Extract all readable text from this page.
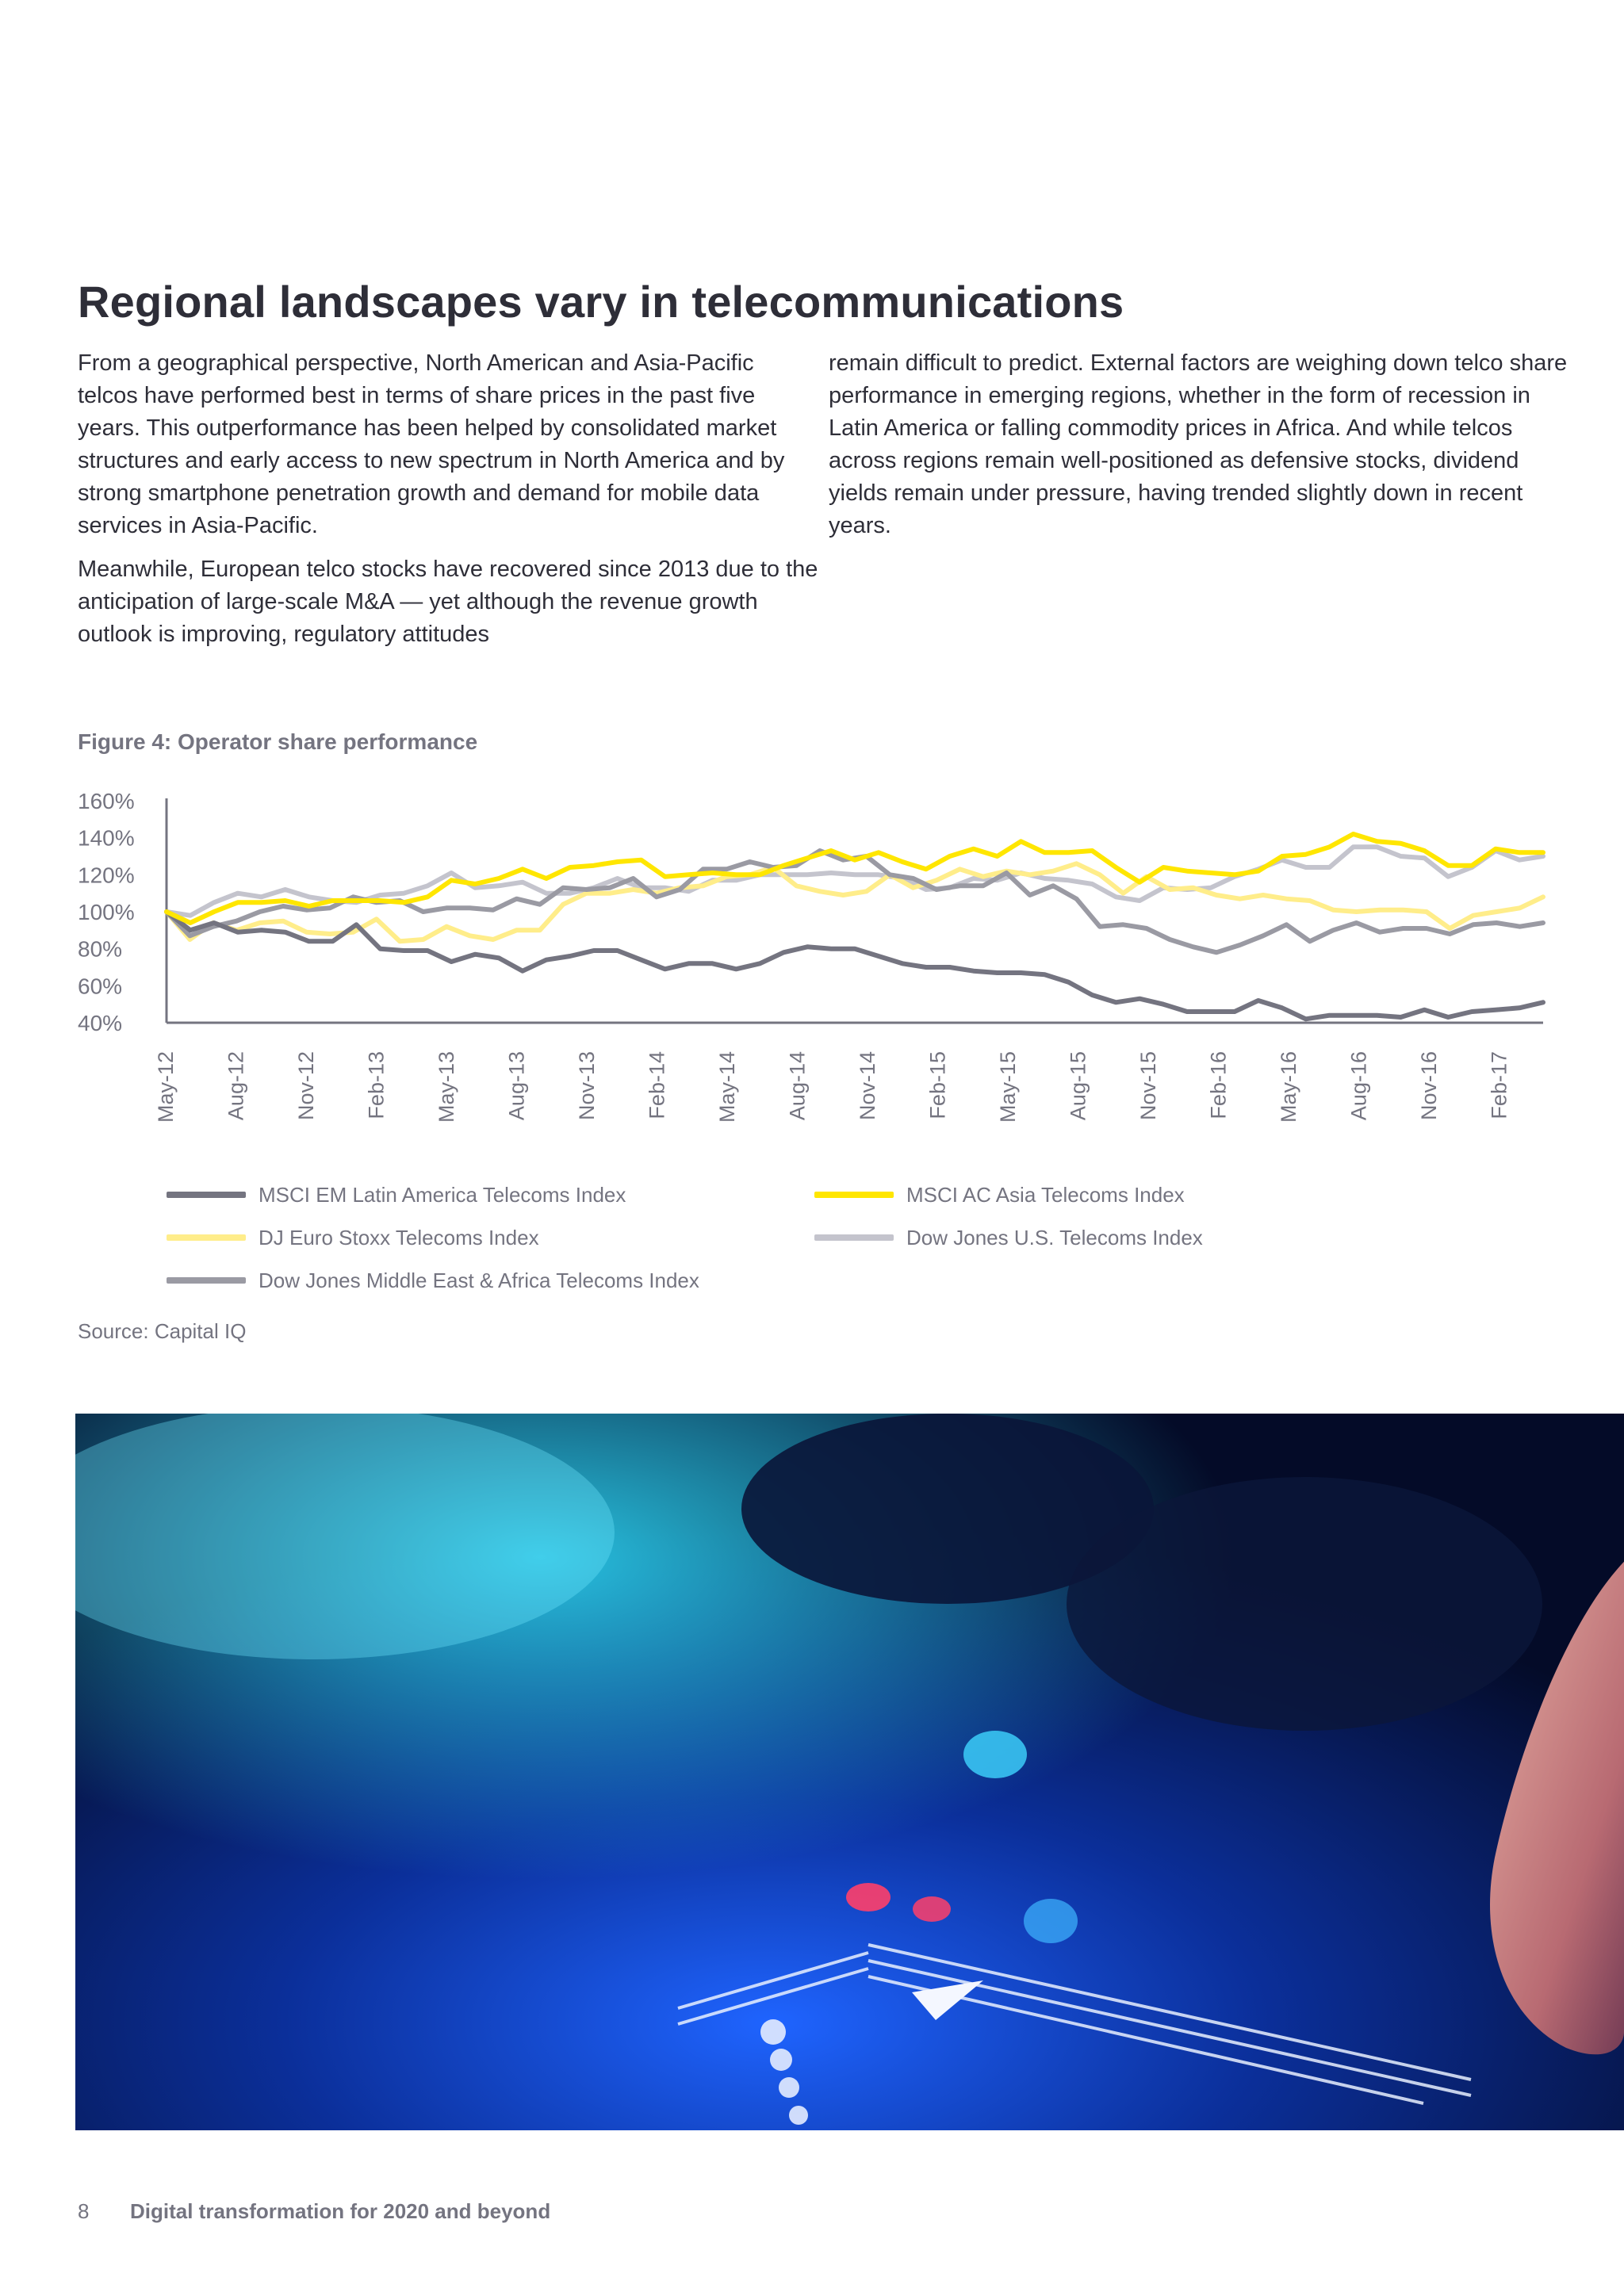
Regional landscapes vary in telecommunications

From a geographical perspective, North American and Asia-Pacific telcos have performed best in terms of share prices in the past five years. This outperformance has been helped by consolidated market structures and early access to new spectrum in North America and by strong smartphone penetration growth and demand for mobile data services in Asia-Pacific.

Meanwhile, European telco stocks have recovered since 2013 due to the anticipation of large-scale M&A — yet although the revenue growth outlook is improving, regulatory attitudes

remain difficult to predict. External factors are weighing down telco share performance in emerging regions, whether in the form of recession in Latin America or falling commodity prices in Africa. And while telcos across regions remain well-positioned as defensive stocks, dividend yields remain under pressure, having trended slightly down in recent years.

Figure 4: Operator share performance
40%
60%
80%
100%
120%
140%
160%
May-12 Aug-12 Nov-12 Feb-13 May-13 Aug-13 Nov-13 Feb-14 May-14 Aug-14 Nov-14 Feb-15 May-15 Aug-15 Nov-15 Feb-16 May-16 Aug-16 Nov-16 Feb-17
MSCI EM Latin America Telecoms Index	MSCI AC Asia Telecoms Index
DJ Euro Stoxx Telecoms Index	Dow Jones U.S. Telecoms Index
Dow Jones Middle East & Africa Telecoms Index
Source: Capital IQ
8 Digital transformation for 2020 and beyond
